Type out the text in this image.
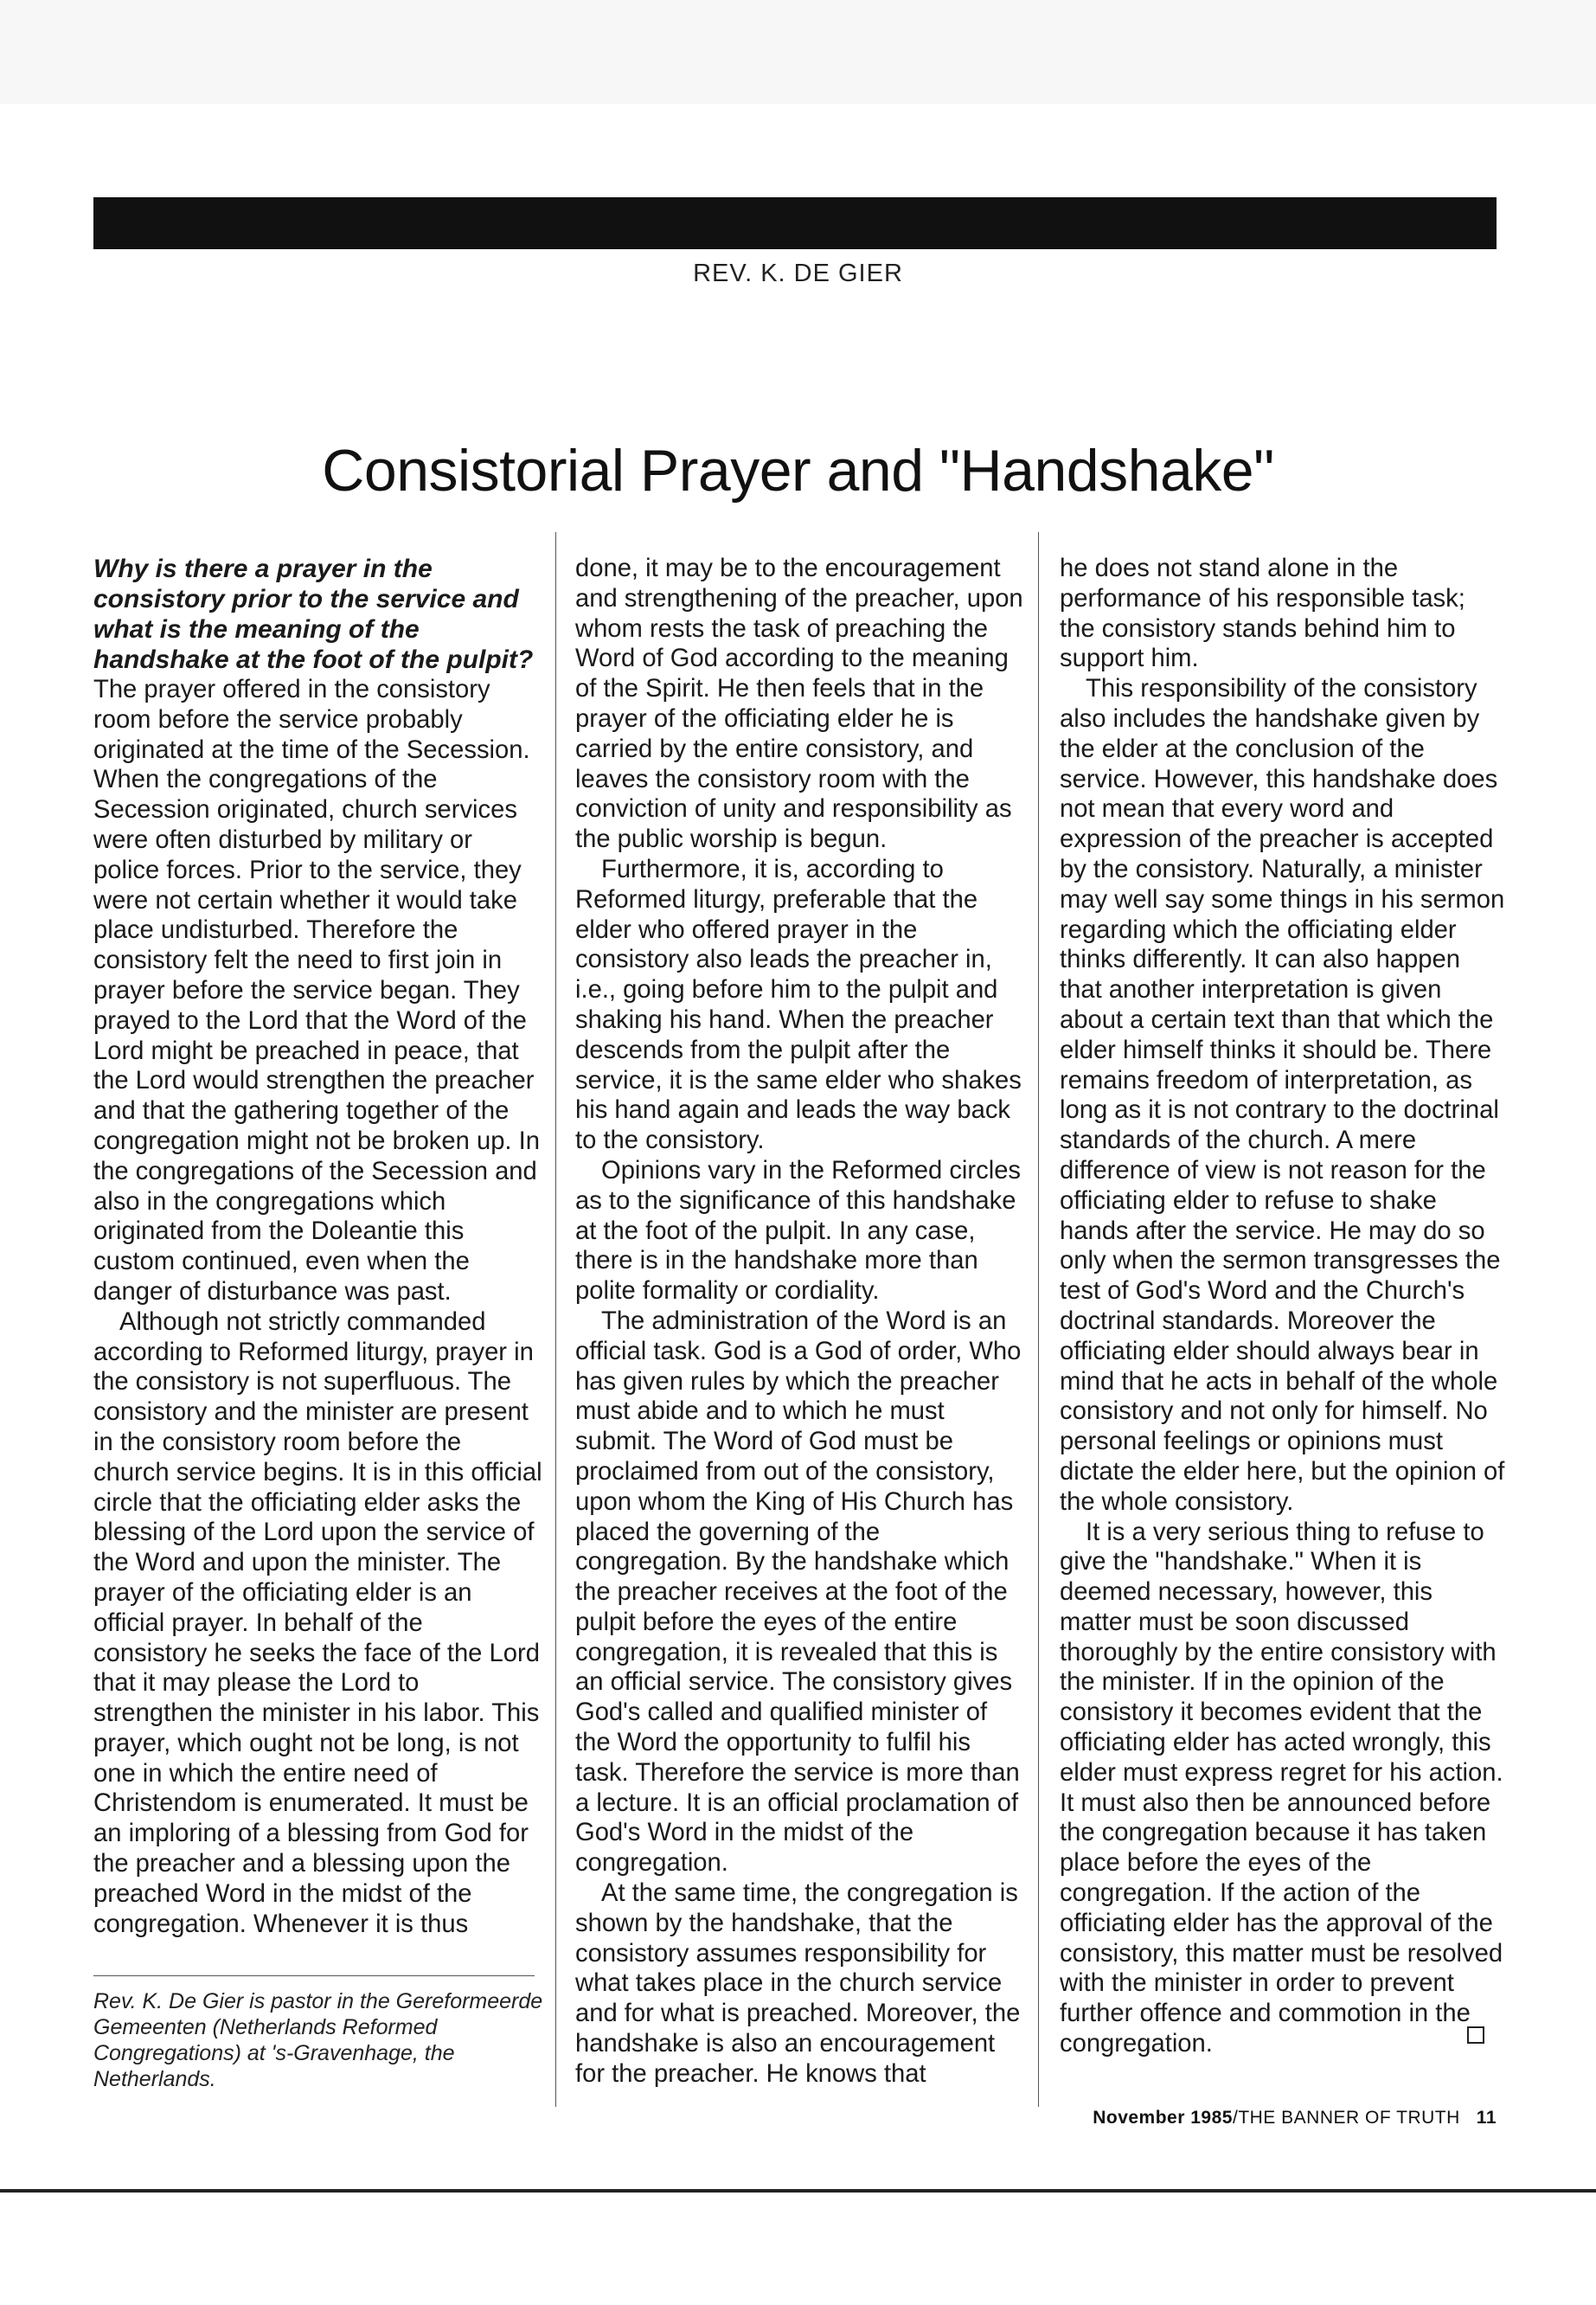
REV. K. DE GIER
Consistorial Prayer and "Handshake"

Why is there a prayer in the consistory prior to the service and what is the meaning of the handshake at the foot of the pulpit?

The prayer offered in the consistory room before the service probably originated at the time of the Secession. When the congregations of the Secession originated, church services were often disturbed by military or police forces. Prior to the service, they were not certain whether it would take place undisturbed. Therefore the consistory felt the need to first join in prayer before the service began. They prayed to the Lord that the Word of the Lord might be preached in peace, that the Lord would strengthen the preacher and that the gathering together of the congregation might not be broken up. In the congregations of the Secession and also in the congregations which originated from the Doleantie this custom continued, even when the danger of disturbance was past.

Although not strictly commanded according to Reformed liturgy, prayer in the consistory is not superfluous. The consistory and the minister are present in the consistory room before the church service begins. It is in this official circle that the officiating elder asks the blessing of the Lord upon the service of the Word and upon the minister. The prayer of the officiating elder is an official prayer. In behalf of the consistory he seeks the face of the Lord that it may please the Lord to strengthen the minister in his labor. This prayer, which ought not be long, is not one in which the entire need of Christendom is enumerated. It must be an imploring of a blessing from God for the preacher and a blessing upon the preached Word in the midst of the congregation. Whenever it is thus

done, it may be to the encouragement and strengthening of the preacher, upon whom rests the task of preaching the Word of God according to the meaning of the Spirit. He then feels that in the prayer of the officiating elder he is carried by the entire consistory, and leaves the consistory room with the conviction of unity and responsibility as the public worship is begun.

Furthermore, it is, according to Reformed liturgy, preferable that the elder who offered prayer in the consistory also leads the preacher in, i.e., going before him to the pulpit and shaking his hand. When the preacher descends from the pulpit after the service, it is the same elder who shakes his hand again and leads the way back to the consistory.

Opinions vary in the Reformed circles as to the significance of this handshake at the foot of the pulpit. In any case, there is in the handshake more than polite formality or cordiality.

The administration of the Word is an official task. God is a God of order, Who has given rules by which the preacher must abide and to which he must submit. The Word of God must be proclaimed from out of the consistory, upon whom the King of His Church has placed the governing of the congregation. By the handshake which the preacher receives at the foot of the pulpit before the eyes of the entire congregation, it is revealed that this is an official service. The consistory gives God's called and qualified minister of the Word the opportunity to fulfil his task. Therefore the service is more than a lecture. It is an official proclamation of God's Word in the midst of the congregation.

At the same time, the congregation is shown by the handshake, that the consistory assumes responsibility for what takes place in the church service and for what is preached. Moreover, the handshake is also an encouragement for the preacher. He knows that

he does not stand alone in the performance of his responsible task; the consistory stands behind him to support him.

This responsibility of the consistory also includes the handshake given by the elder at the conclusion of the service. However, this handshake does not mean that every word and expression of the preacher is accepted by the consistory. Naturally, a minister may well say some things in his sermon regarding which the officiating elder thinks differently. It can also happen that another interpretation is given about a certain text than that which the elder himself thinks it should be. There remains freedom of interpretation, as long as it is not contrary to the doctrinal standards of the church. A mere difference of view is not reason for the officiating elder to refuse to shake hands after the service. He may do so only when the sermon transgresses the test of God's Word and the Church's doctrinal standards. Moreover the officiating elder should always bear in mind that he acts in behalf of the whole consistory and not only for himself. No personal feelings or opinions must dictate the elder here, but the opinion of the whole consistory.

It is a very serious thing to refuse to give the "handshake." When it is deemed necessary, however, this matter must be soon discussed thoroughly by the entire consistory with the minister. If in the opinion of the consistory it becomes evident that the officiating elder has acted wrongly, this elder must express regret for his action. It must also then be announced before the congregation because it has taken place before the eyes of the congregation. If the action of the officiating elder has the approval of the consistory, this matter must be resolved with the minister in order to prevent further offence and commotion in the congregation.

Rev. K. De Gier is pastor in the Gereformeerde Gemeenten (Netherlands Reformed Congregations) at 's-Gravenhage, the Netherlands.
November 1985/THE BANNER OF TRUTH 11
